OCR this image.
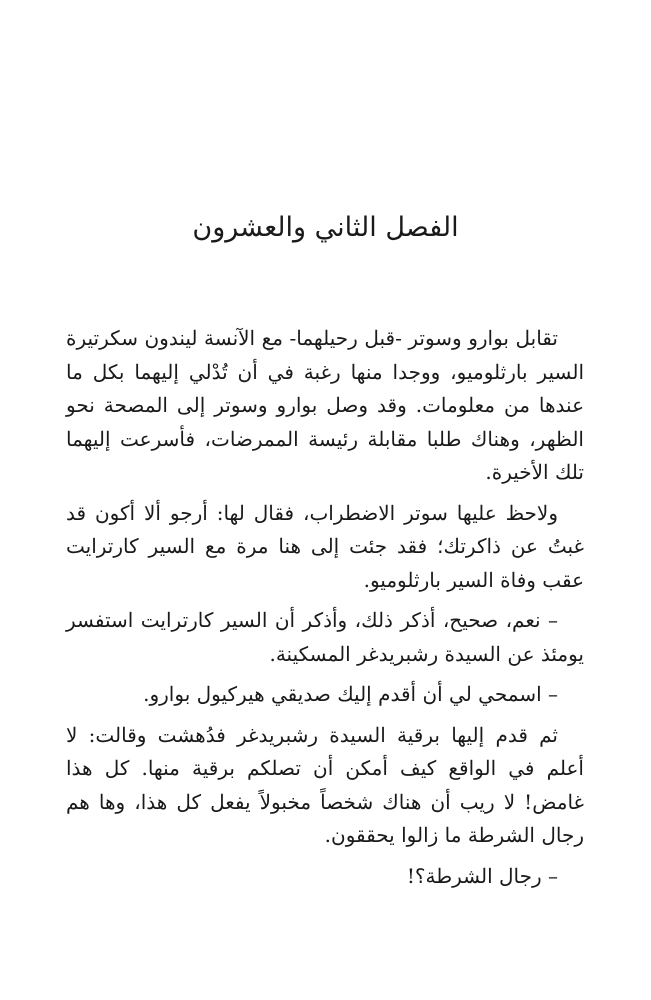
الفصل الثاني والعشرون

تقابل بوارو وسوتر -قبل رحيلهما- مع الآنسة ليندون سكرتيرة السير بارثلوميو، ووجدا منها رغبة في أن تُدْلي إليهما بكل ما عندها من معلومات. وقد وصل بوارو وسوتر إلى المصحة نحو الظهر، وهناك طلبا مقابلة رئيسة الممرضات، فأسرعت إليهما تلك الأخيرة.

ولاحظ عليها سوتر الاضطراب، فقال لها: أرجو ألا أكون قد غبتُ عن ذاكرتك؛ فقد جئت إلى هنا مرة مع السير كارترايت عقب وفاة السير بارثلوميو.

– نعم، صحيح، أذكر ذلك، وأذكر أن السير كارترايت استفسر يومئذ عن السيدة رشبريدغر المسكينة.

– اسمحي لي أن أقدم إليك صديقي هيركيول بوارو.

ثم قدم إليها برقية السيدة رشبريدغر فدُهشت وقالت: لا أعلم في الواقع كيف أمكن أن تصلكم برقية منها. كل هذا غامض! لا ريب أن هناك شخصاً مخبولاً يفعل كل هذا، وها هم رجال الشرطة ما زالوا يحققون.

– رجال الشرطة؟!
